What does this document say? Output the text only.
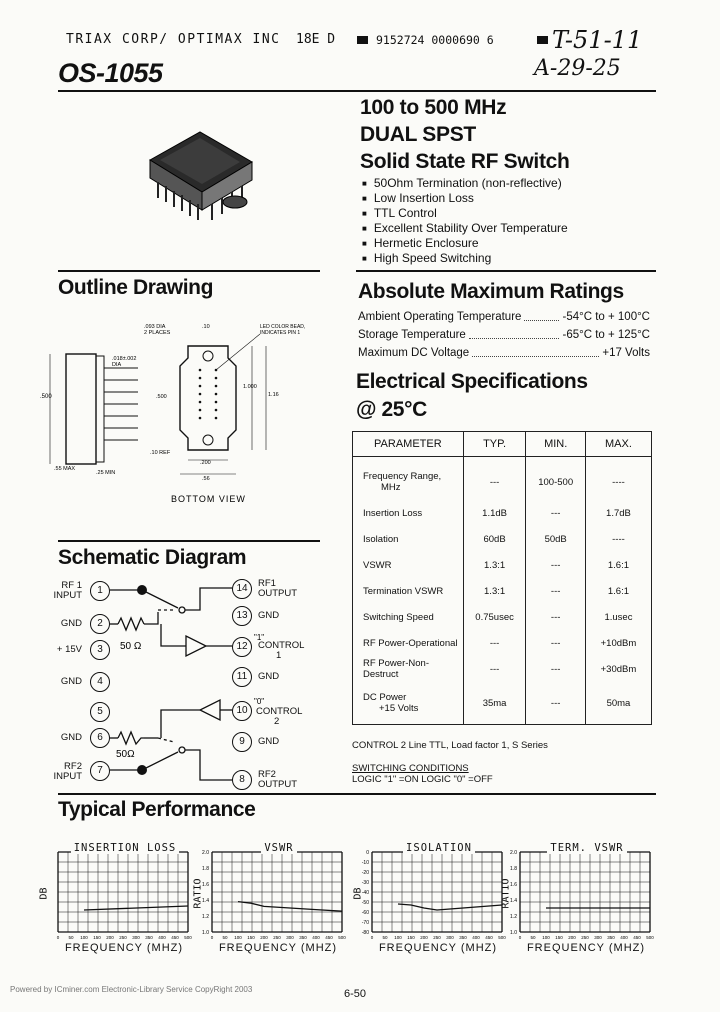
TRIAX CORP/ OPTIMAX INC 18E D	9152724 0000690 6 T-51-11
A-29-25
OS-1055
100 to 500 MHz
DUAL SPST
Solid State RF Switch
■ 50Ohm Termination (non-reflective)
■ Low Insertion Loss
■ TTL Control
■ Excellent Stability Over Temperature
■ Hermetic Enclosure
■ High Speed Switching
Outline Drawing
.500
.55 MAX
.25 MIN
.018±.002
DIA
1.000
1.16
.500
.093 DIA
2 PLACES
.10	LED COLOR BEAD,
INDICATES PIN 1
.10 REF
.200
.56
BOTTOM VIEW
Absolute Maximum Ratings
Ambient Operating Temperature	-54°C to + 100°C
Storage Temperature	-65°C to + 125°C
Maximum DC Voltage	+17 Volts
Electrical Specifications
@ 25°C
PARAMETER	TYP.	MIN.	MAX.

Frequency Range,
MHz	---	100-500	----

Insertion Loss	1.1dB	---	1.7dB

Isolation	60dB	50dB	----

VSWR	1.3:1	---	1.6:1

Termination VSWR	1.3:1	---	1.6:1

Switching Speed	0.75usec	---	1.usec

RF Power-Operational	---	---	+10dBm

RF Power-Non-Destruct	---	---	+30dBm

DC Power
+15 Volts	35ma	---	50ma
CONTROL 2 Line TTL, Load factor 1, S Series
SWITCHING CONDITIONS
LOGIC "1" =ON LOGIC "0" =OFF
Schematic Diagram
50 Ω
50Ω
"1"
"0"
RF 1
INPUT	1
GND	2
+ 15V	3
GND	4
5
GND	6
RF2
INPUT
7
14	RF1
OUTPUT
13	GND
12	CONTROL
1
11	GND
10 CONTROL
2
9	GND
8	RF2
OUTPUT
Typical Performance
DB
0 50 100 150 200 250 300 350 400 450 500
INSERTION LOSS
FREQUENCY (MHZ)
RATIO
2.0
1.8
1.6
1.4
1.2
1.0
0 50 100 150 200 250 300 350 400 450 500
VSWR
FREQUENCY (MHZ)
DB
0
-10
-20
-30
-40
-50
-60
-70
-80
0 50 100 150 200 250 300 350 400 450 500
ISOLATION
FREQUENCY (MHZ)
RATIO
2.0
1.8
1.6
1.4
1.2
1.0
0 50 100 150 200 250 300 350 400 450 500
TERM. VSWR
FREQUENCY (MHZ)
Powered by ICminer.com Electronic-Library Service CopyRight 2003	6-50
